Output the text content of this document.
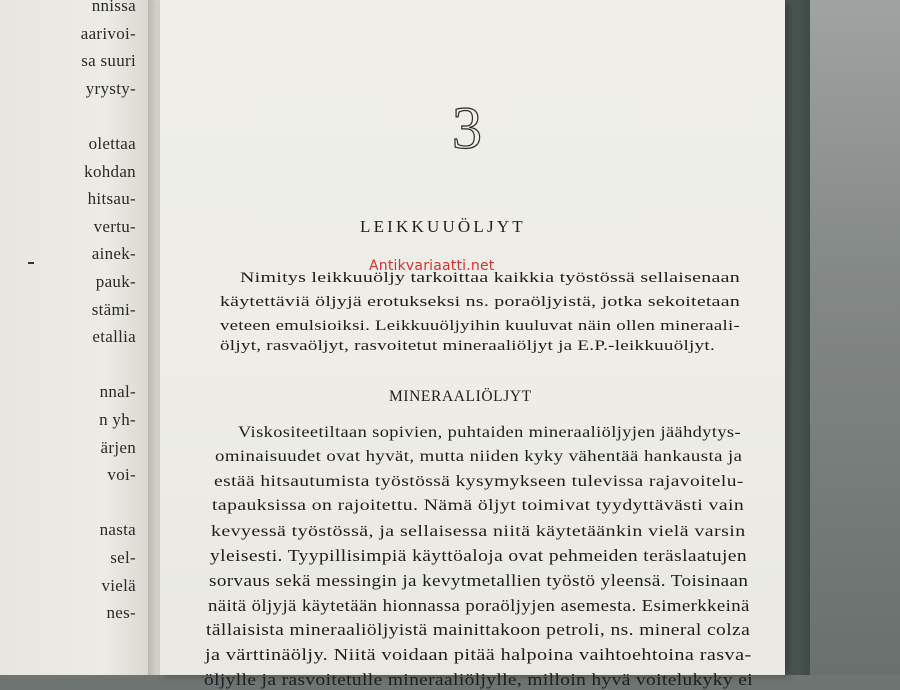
nnissa
aarivoi-
sa suuri
yrysty-
olettaa
kohdan
hitsau-
vertu-
ainek-
pauk-
stämi-
etallia
nnal-
n yh-
ärjen
voi-
nasta
sel-
vielä
nes-
3
LEIKKUUÖLJYT
Antikvariaatti.net
Nimitys leikkuuöljy tarkoittaa kaikkia työstössä sellaisenaan
käytettäviä öljyjä erotukseksi ns. poraöljyistä, jotka sekoitetaan
veteen emulsioiksi. Leikkuuöljyihin kuuluvat näin ollen mineraali-
öljyt, rasvaöljyt, rasvoitetut mineraaliöljyt ja E.P.-leikkuuöljyt.
MINERAALIÖLJYT
Viskositeetiltaan sopivien, puhtaiden mineraaliöljyjen jäähdytys-
ominaisuudet ovat hyvät, mutta niiden kyky vähentää hankausta ja
estää hitsautumista työstössä kysymykseen tulevissa rajavoitelu-
tapauksissa on rajoitettu. Nämä öljyt toimivat tyydyttävästi vain
kevyessä työstössä, ja sellaisessa niitä käytetäänkin vielä varsin
yleisesti. Tyypillisimpiä käyttöaloja ovat pehmeiden teräslaatujen
sorvaus sekä messingin ja kevytmetallien työstö yleensä. Toisinaan
näitä öljyjä käytetään hionnassa poraöljyjen asemesta. Esimerkkeinä
tällaisista mineraaliöljyistä mainittakoon petroli, ns. mineral colza
ja värttinäöljy. Niitä voidaan pitää halpoina vaihtoehtoina rasva-
öljylle ja rasvoitetulle mineraaliöljylle, milloin hyvä voitelukyky ei
